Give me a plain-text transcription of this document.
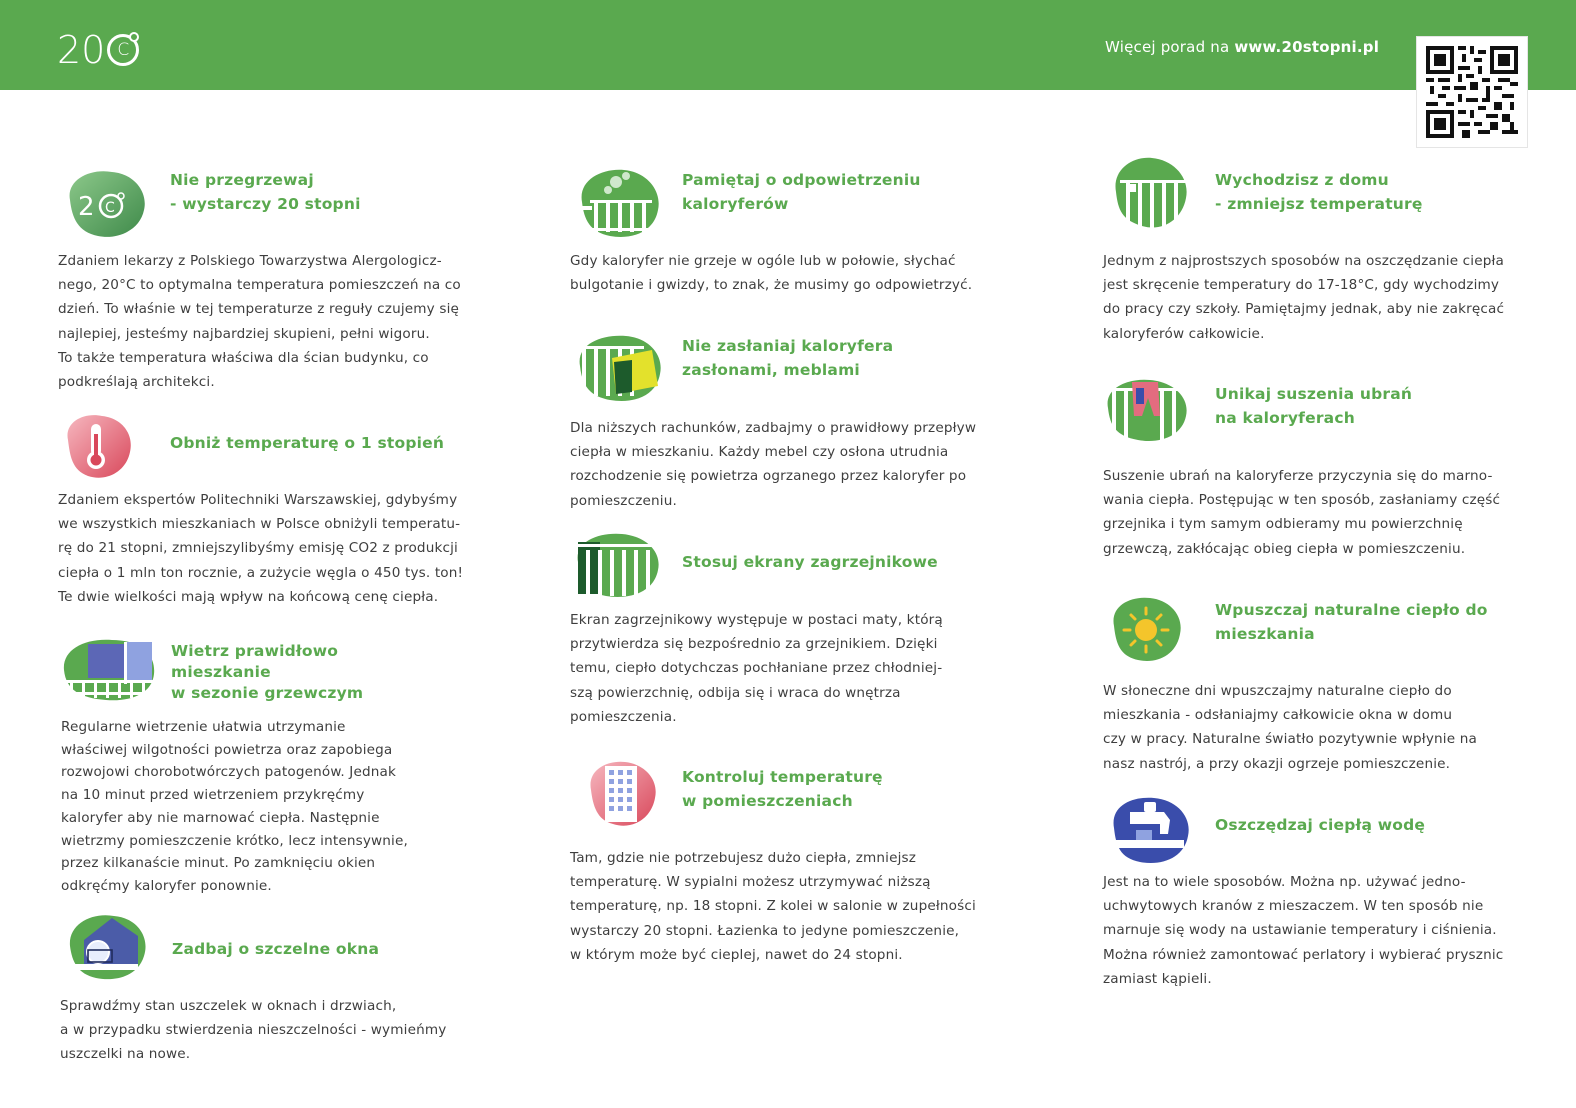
20 C	Więcej porad na www.20stopni.pl
2 C
Nie przegrzewaj
- wystarczy 20 stopni
Zdaniem lekarzy z Polskiego Towarzystwa Alergologicz-
nego, 20°C to optymalna temperatura pomieszczeń na co
dzień. To właśnie w tej temperaturze z reguły czujemy się
najlepiej, jesteśmy najbardziej skupieni, pełni wigoru.
To także temperatura właściwa dla ścian budynku, co
podkreślają architekci.
Obniż temperaturę o 1 stopień
Zdaniem ekspertów Politechniki Warszawskiej, gdybyśmy
we wszystkich mieszkaniach w Polsce obniżyli temperatu-
rę do 21 stopni, zmniejszylibyśmy emisję CO2 z produkcji
ciepła o 1 mln ton rocznie, a zużycie węgla o 450 tys. ton!
Te dwie wielkości mają wpływ na końcową cenę ciepła.
Wietrz prawidłowo
mieszkanie
w sezonie grzewczym
Regularne wietrzenie ułatwia utrzymanie
właściwej wilgotności powietrza oraz zapobiega
rozwojowi chorobotwórczych patogenów. Jednak
na 10 minut przed wietrzeniem przykręćmy
kaloryfer aby nie marnować ciepła. Następnie
wietrzmy pomieszczenie krótko, lecz intensywnie,
przez kilkanaście minut. Po zamknięciu okien
odkręćmy kaloryfer ponownie.
Zadbaj o szczelne okna
Sprawdźmy stan uszczelek w oknach i drzwiach,
a w przypadku stwierdzenia nieszczelności - wymieńmy
uszczelki na nowe.
Pamiętaj o odpowietrzeniu
kaloryferów
Gdy kaloryfer nie grzeje w ogóle lub w połowie, słychać
bulgotanie i gwizdy, to znak, że musimy go odpowietrzyć.
Nie zasłaniaj kaloryfera
zasłonami, meblami
Dla niższych rachunków, zadbajmy o prawidłowy przepływ
ciepła w mieszkaniu. Każdy mebel czy osłona utrudnia
rozchodzenie się powietrza ogrzanego przez kaloryfer po
pomieszczeniu.
Stosuj ekrany zagrzejnikowe
Ekran zagrzejnikowy występuje w postaci maty, którą
przytwierdza się bezpośrednio za grzejnikiem. Dzięki
temu, ciepło dotychczas pochłaniane przez chłodniej-
szą powierzchnię, odbija się i wraca do wnętrza
pomieszczenia.
Kontroluj temperaturę
w pomieszczeniach
Tam, gdzie nie potrzebujesz dużo ciepła, zmniejsz
temperaturę. W sypialni możesz utrzymywać niższą
temperaturę, np. 18 stopni. Z kolei w salonie w zupełności
wystarczy 20 stopni. Łazienka to jedyne pomieszczenie,
w którym może być cieplej, nawet do 24 stopni.
Wychodzisz z domu
- zmniejsz temperaturę
Jednym z najprostszych sposobów na oszczędzanie ciepła
jest skręcenie temperatury do 17-18°C, gdy wychodzimy
do pracy czy szkoły. Pamiętajmy jednak, aby nie zakręcać
kaloryferów całkowicie.
Unikaj suszenia ubrań
na kaloryferach
Suszenie ubrań na kaloryferze przyczynia się do marno-
wania ciepła. Postępując w ten sposób, zasłaniamy część
grzejnika i tym samym odbieramy mu powierzchnię
grzewczą, zakłócając obieg ciepła w pomieszczeniu.
Wpuszczaj naturalne ciepło do
mieszkania
W słoneczne dni wpuszczajmy naturalne ciepło do
mieszkania - odsłaniajmy całkowicie okna w domu
czy w pracy. Naturalne światło pozytywnie wpłynie na
nasz nastrój, a przy okazji ogrzeje pomieszczenie.
Oszczędzaj ciepłą wodę
Jest na to wiele sposobów. Można np. używać jedno-
uchwytowych kranów z mieszaczem. W ten sposób nie
marnuje się wody na ustawianie temperatury i ciśnienia.
Można również zamontować perlatory i wybierać prysznic
zamiast kąpieli.
